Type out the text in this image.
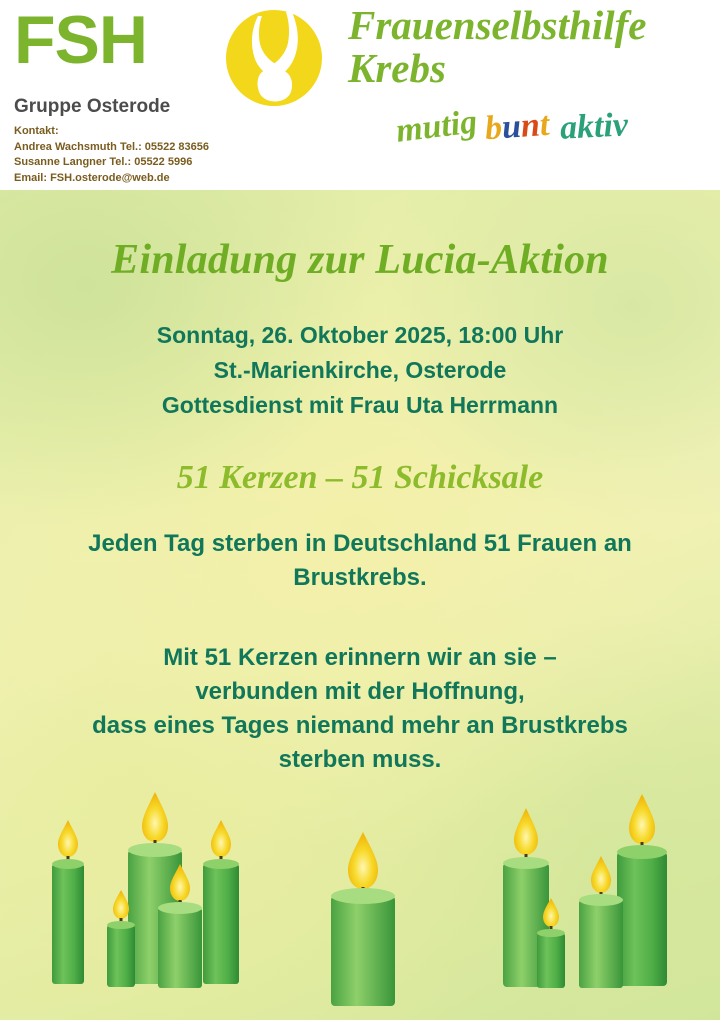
FSH
Gruppe Osterode
Kontakt:
Andrea Wachsmuth Tel.: 05522 83656
Susanne Langner Tel.: 05522 5996
Email: FSH.osterode@web.de
Frauenselbsthilfe
Krebs
mutig bunt aktiv
Einladung zur Lucia-Aktion
Sonntag, 26. Oktober 2025, 18:00 Uhr
St.-Marienkirche, Osterode
Gottesdienst mit Frau Uta Herrmann
51 Kerzen – 51 Schicksale
Jeden Tag sterben in Deutschland 51 Frauen an
Brustkrebs.
Mit 51 Kerzen erinnern wir an sie –
verbunden mit der Hoffnung,
dass eines Tages niemand mehr an Brustkrebs
sterben muss.
